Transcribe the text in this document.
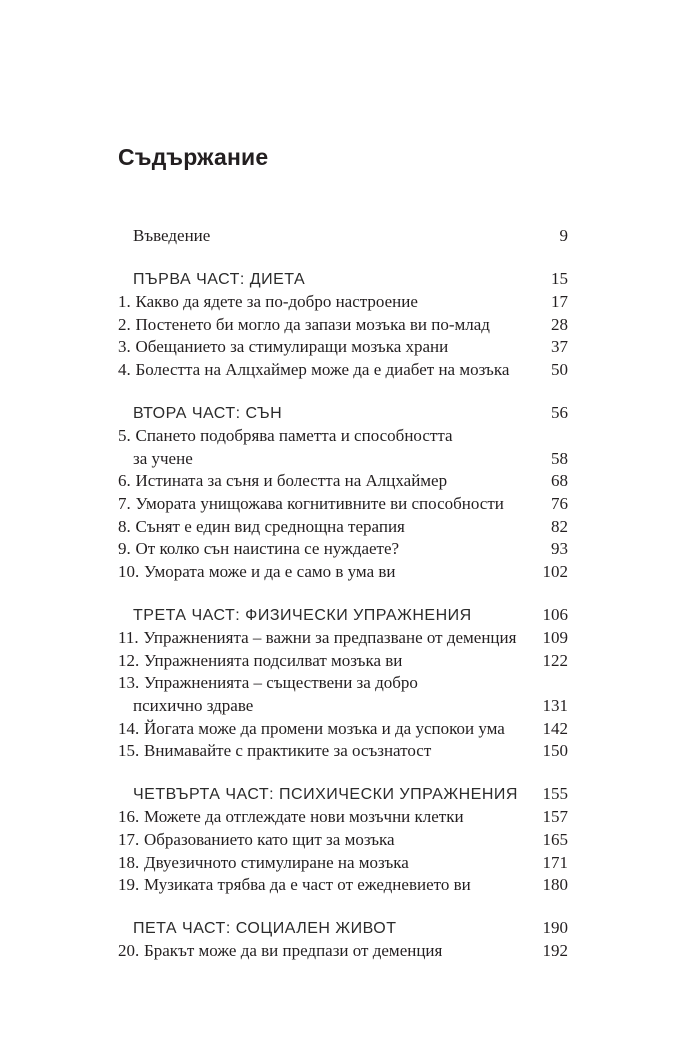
Съдържание
Въведение	9
ПЪРВА ЧАСТ: ДИЕТА	15
1. Какво да ядете за по-добро настроение	17
2. Постенето би могло да запази мозъка ви по-млад	28
3. Обещанието за стимулиращи мозъка храни	37
4. Болестта на Алцхаймер може да е диабет на мозъка	50
ВТОРА ЧАСТ: СЪН	56
5. Спането подобрява паметта и способността
за учене	58
6. Истината за съня и болестта на Алцхаймер	68
7. Умората унищожава когнитивните ви способности	76
8. Сънят е един вид среднощна терапия	82
9. От колко сън наистина се нуждаете?	93
10. Умората може и да е само в ума ви	102
ТРЕТА ЧАСТ: ФИЗИЧЕСКИ УПРАЖНЕНИЯ	106
11. Упражненията – важни за предпазване от деменция	109
12. Упражненията подсилват мозъка ви	122
13. Упражненията – съществени за добро
психично здраве	131
14. Йогата може да промени мозъка и да успокои ума	142
15. Внимавайте с практиките за осъзнатост	150
ЧЕТВЪРТА ЧАСТ: ПСИХИЧЕСКИ УПРАЖНЕНИЯ	155
16. Можете да отглеждате нови мозъчни клетки	157
17. Образованието като щит за мозъка	165
18. Двуезичното стимулиране на мозъка	171
19. Музиката трябва да е част от ежедневието ви	180
ПЕТА ЧАСТ: СОЦИАЛЕН ЖИВОТ	190
20. Бракът може да ви предпази от деменция	192
